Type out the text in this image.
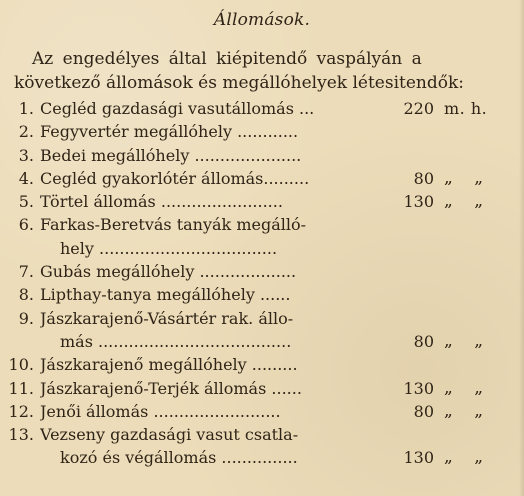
Állomások.
Az engedélyes által kiépitendő vaspályán a
következő állomások és megállóhelyek létesitendők:
1. Cegléd gazdasági vasutállomás ...	220 m. h.
2. Fegyvertér megállóhely ............
3. Bedei megállóhely .....................
4. Cegléd gyakorlótér állomás.........	80 „ „
5. Törtel állomás ........................	130 „ „
6. Farkas-Beretvás tanyák megálló-
hely ...................................
7. Gubás megállóhely ...................
8. Lipthay-tanya megállóhely ......
9. Jászkarajenő-Vásártér rak. állo-
más ......................................	80 „ „
10. Jászkarajenő megállóhely .........
11. Jászkarajenő-Terjék állomás ......	130 „ „
12. Jenői állomás .........................	80 „ „
13. Vezseny gazdasági vasut csatla-
kozó és végállomás ...............	130 „ „
